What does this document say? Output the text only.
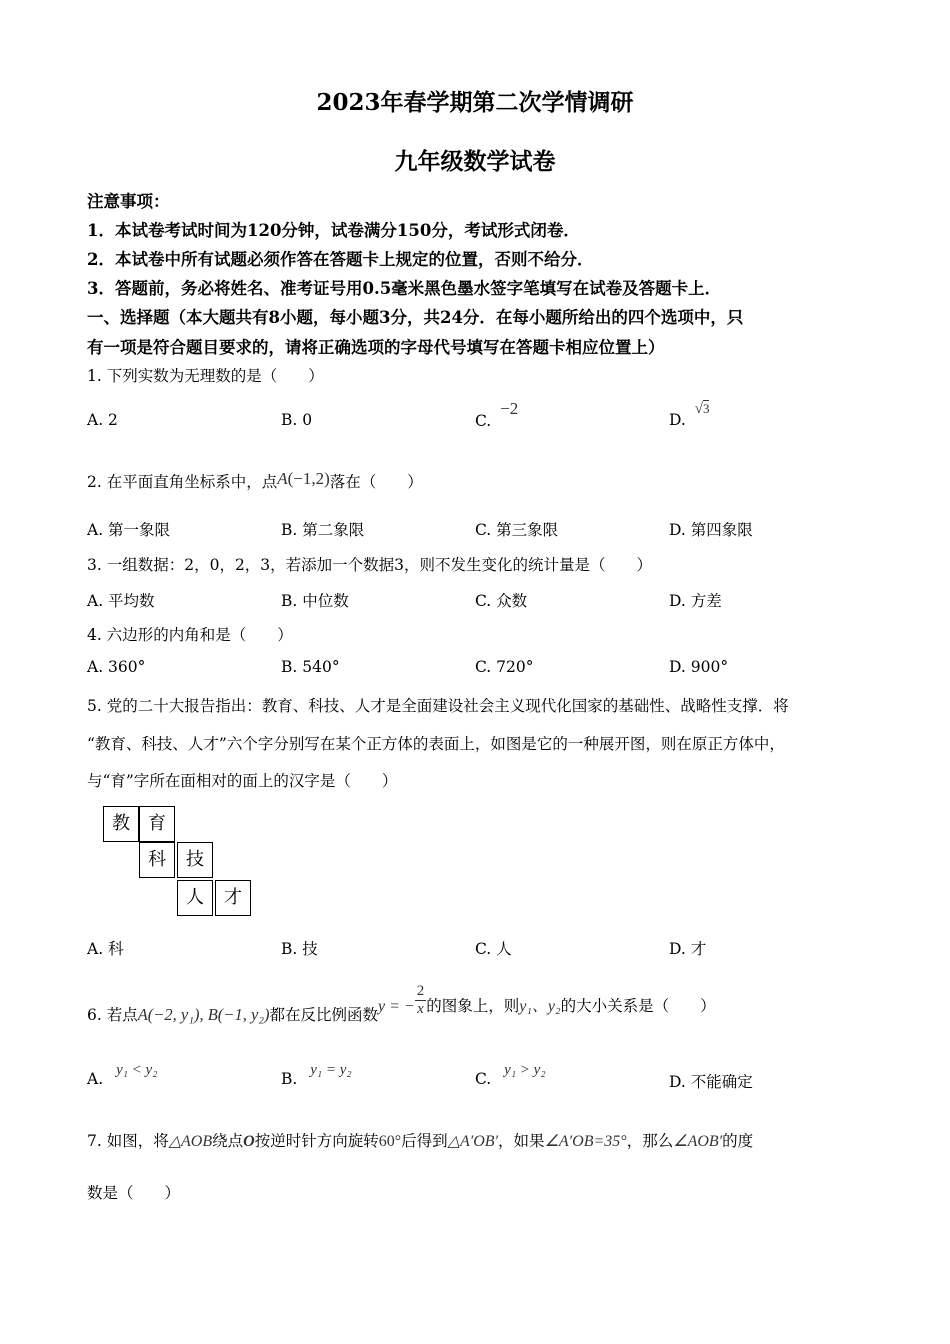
2023年春学期第二次学情调研
九年级数学试卷
注意事项：
1．本试卷考试时间为120分钟，试卷满分150分，考试形式闭卷．
2．本试卷中所有试题必须作答在答题卡上规定的位置，否则不给分．
3．答题前，务必将姓名、准考证号用0.5毫米黑色墨水签字笔填写在试卷及答题卡上．
一、选择题（本大题共有8小题，每小题3分，共24分．在每小题所给出的四个选项中，只
有一项是符合题目要求的，请将正确选项的字母代号填写在答题卡相应位置上）
1. 下列实数为无理数的是（　　）
A. 2	B. 0	C. −2
D. √$^3$
2. 在平面直角坐标系中，点A(−1,2)落在（　　）
A. 第一象限	B. 第二象限	C. 第三象限	D. 第四象限
3. 一组数据：2，0，2，3，若添加一个数据3，则不发生变化的统计量是（　　）
A. 平均数	B. 中位数	C. 众数	D. 方差
4. 六边形的内角和是（　　）
A. 360°	B. 540°	C. 720°	D. 900°
5. 党的二十大报告指出：教育、科技、人才是全面建设社会主义现代化国家的基础性、战略性支撑．将
“教育、科技、人才”六个字分别写在某个正方体的表面上，如图是它的一种展开图，则在原正方体中，
与“育”字所在面相对的面上的汉字是（　　）
教	育
科	技
人	才
A. 科	B. 技	C. 人	D. 才
6. 若点A(−2, y₁), B(−1, y₂)都在反比例函数y = − $\frac{2}{x}$ 的图象上，则y₁、y₂的大小关系是（　　）
A. y₁ < y₂	B. y₁ = y₂	C. y₁ > y₂
D. 不能确定
7. 如图，将△AOB绕点O按逆时针方向旋转60°后得到△A′OB′，如果∠A′OB=35°，那么∠AOB′的度
数是（　　）
